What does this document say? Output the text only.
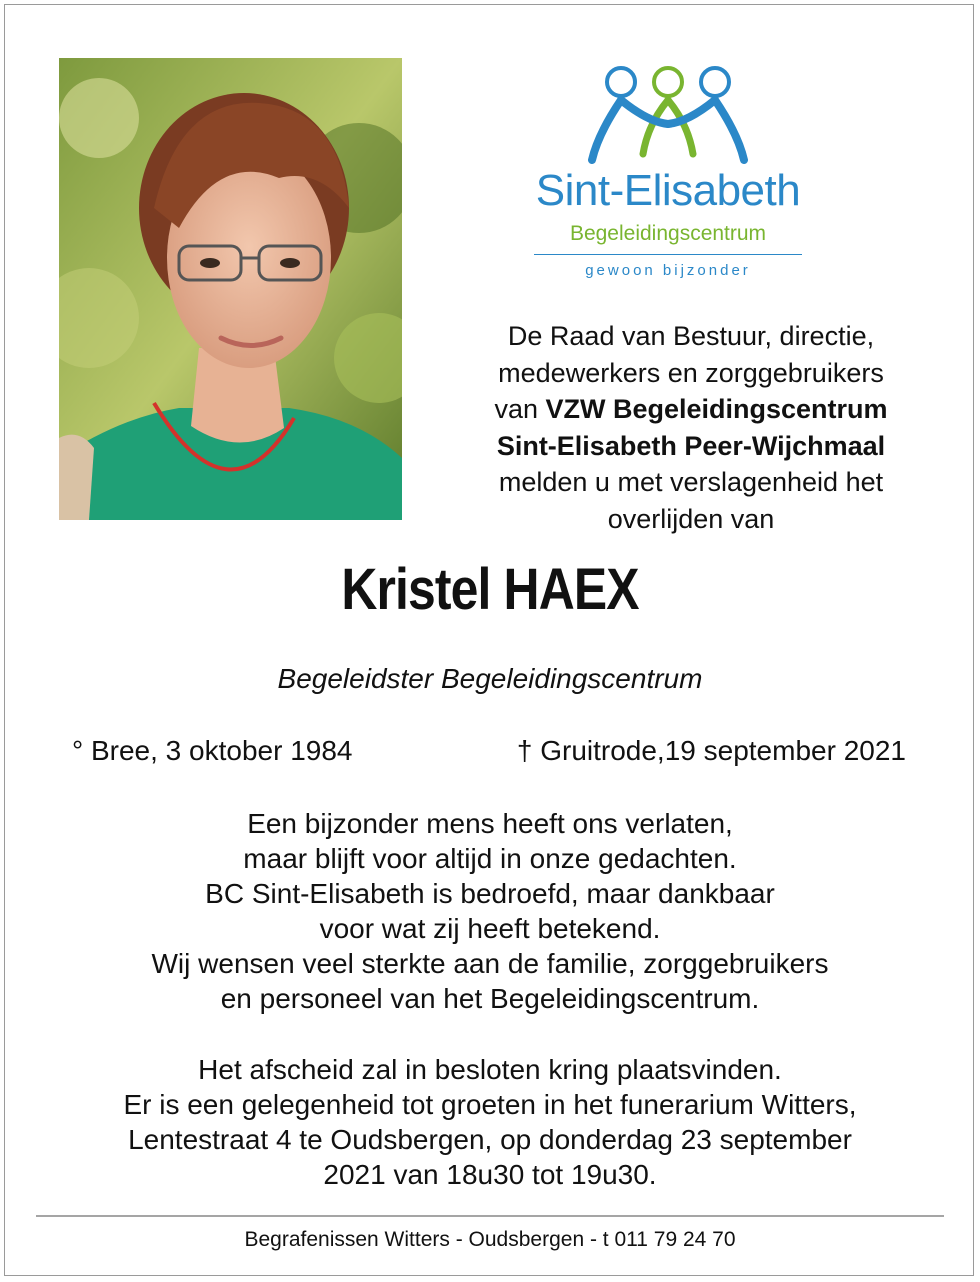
Sint-Elisabeth
Begeleidingscentrum
gewoon bijzonder
De Raad van Bestuur, directie,
medewerkers en zorggebruikers
van VZW Begeleidingscentrum
Sint-Elisabeth Peer-Wijchmaal
melden u met verslagenheid het
overlijden van
Kristel HAEX
Begeleidster Begeleidingscentrum
° Bree, 3 oktober 1984	† Gruitrode,19 september 2021
Een bijzonder mens heeft ons verlaten,
maar blijft voor altijd in onze gedachten.
BC Sint-Elisabeth is bedroefd, maar dankbaar
voor wat zij heeft betekend.
Wij wensen veel sterkte aan de familie, zorggebruikers
en personeel van het Begeleidingscentrum.
Het afscheid zal in besloten kring plaatsvinden.
Er is een gelegenheid tot groeten in het funerarium Witters,
Lentestraat 4 te Oudsbergen, op donderdag 23 september
2021 van 18u30 tot 19u30.
Begrafenissen Witters - Oudsbergen - t 011 79 24 70
